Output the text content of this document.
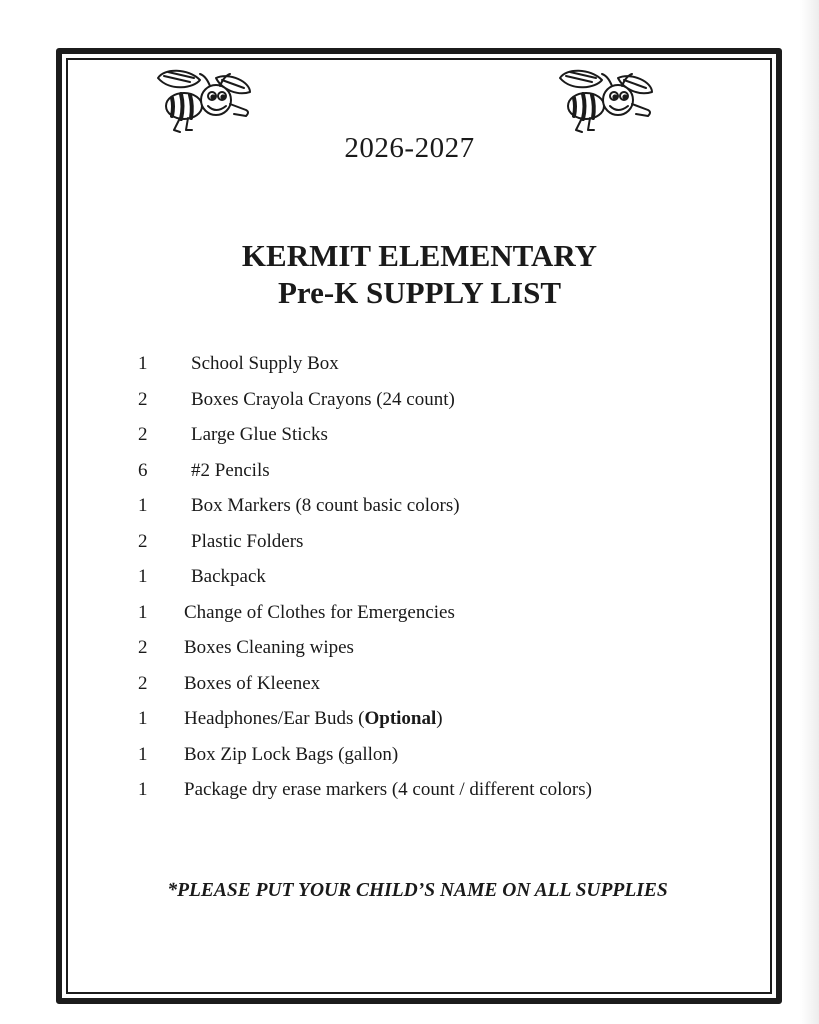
2026-2027
KERMIT ELEMENTARY
Pre-K SUPPLY LIST
1	School Supply Box
2	Boxes Crayola Crayons (24 count)
2	Large Glue Sticks
6	#2 Pencils
1	Box Markers (8 count basic colors)
2	Plastic Folders
1	Backpack
1	Change of Clothes for Emergencies
2	Boxes Cleaning wipes
2	Boxes of Kleenex
1	Headphones/Ear Buds (Optional)
1	Box Zip Lock Bags (gallon)
1	Package dry erase markers (4 count / different colors)
*PLEASE PUT YOUR CHILD’S NAME ON ALL SUPPLIES
